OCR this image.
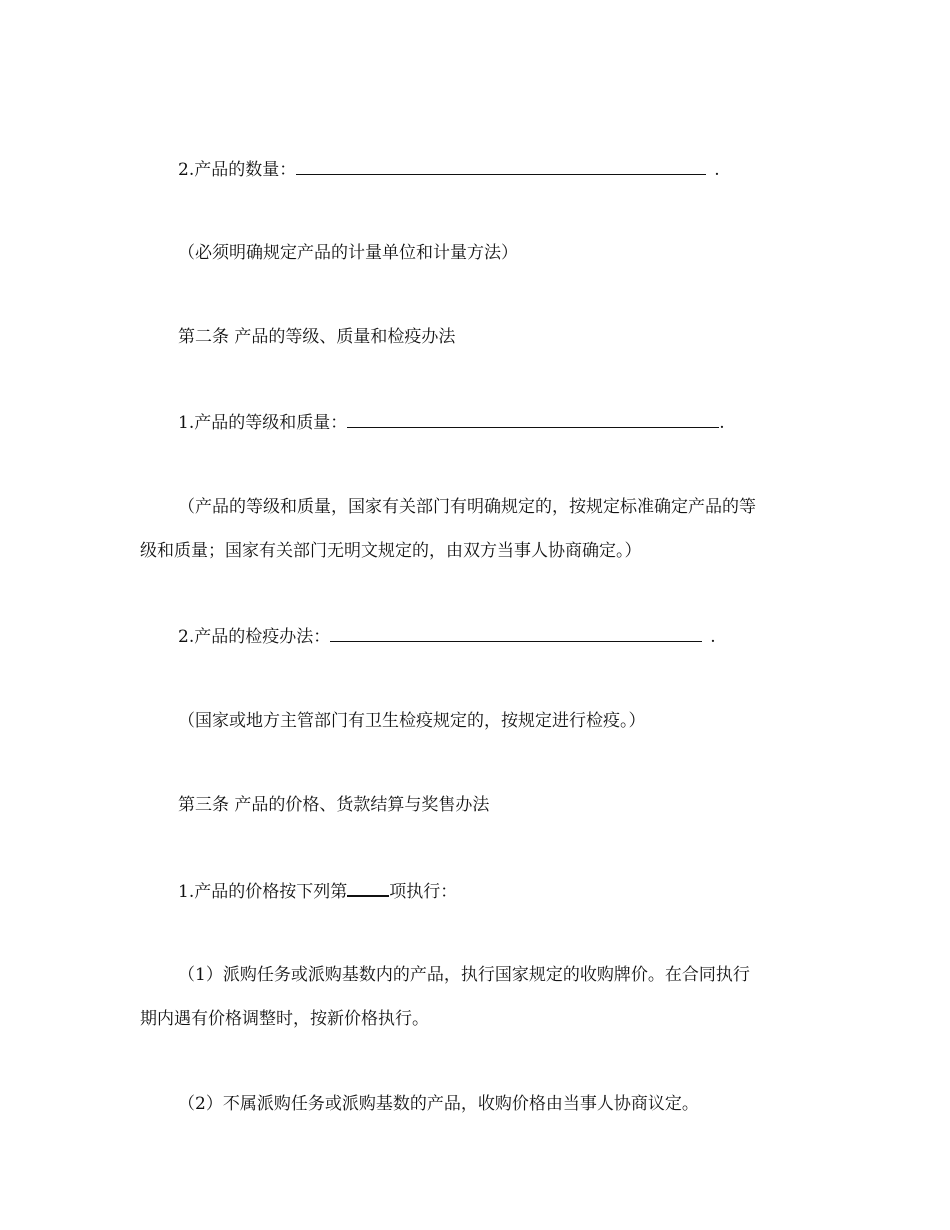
2.产品的数量：	.
（必须明确规定产品的计量单位和计量方法）
第二条 产品的等级、质量和检疫办法
1.产品的等级和质量：	.
（产品的等级和质量，国家有关部门有明确规定的，按规定标准确定产品的等
级和质量；国家有关部门无明文规定的，由双方当事人协商确定。）
2.产品的检疫办法：	.
（国家或地方主管部门有卫生检疫规定的，按规定进行检疫。）
第三条 产品的价格、货款结算与奖售办法
1.产品的价格按下列第 项执行：
（1）派购任务或派购基数内的产品，执行国家规定的收购牌价。在合同执行
期内遇有价格调整时，按新价格执行。
（2）不属派购任务或派购基数的产品，收购价格由当事人协商议定。
